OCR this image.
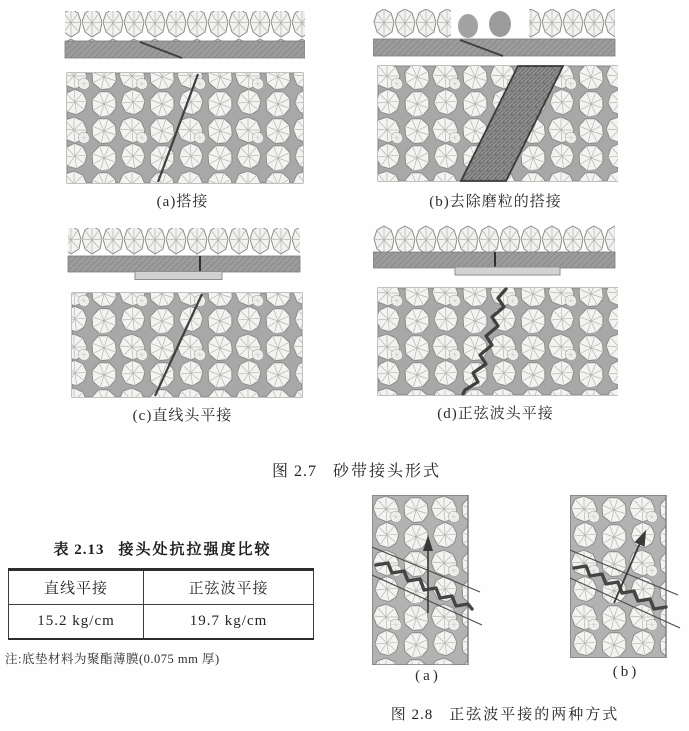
(a)搭接	(b)去除磨粒的搭接
(c)直线头平接	(d)正弦波头平接
图 2.7 砂带接头形式
表 2.13 接头处抗拉强度比较
直线平接	正弦波平接
15.2 kg/cm	19.7 kg/cm
注:底垫材料为聚酯薄膜(0.075 mm 厚)
(a)	(b)
图 2.8 正弦波平接的两种方式
